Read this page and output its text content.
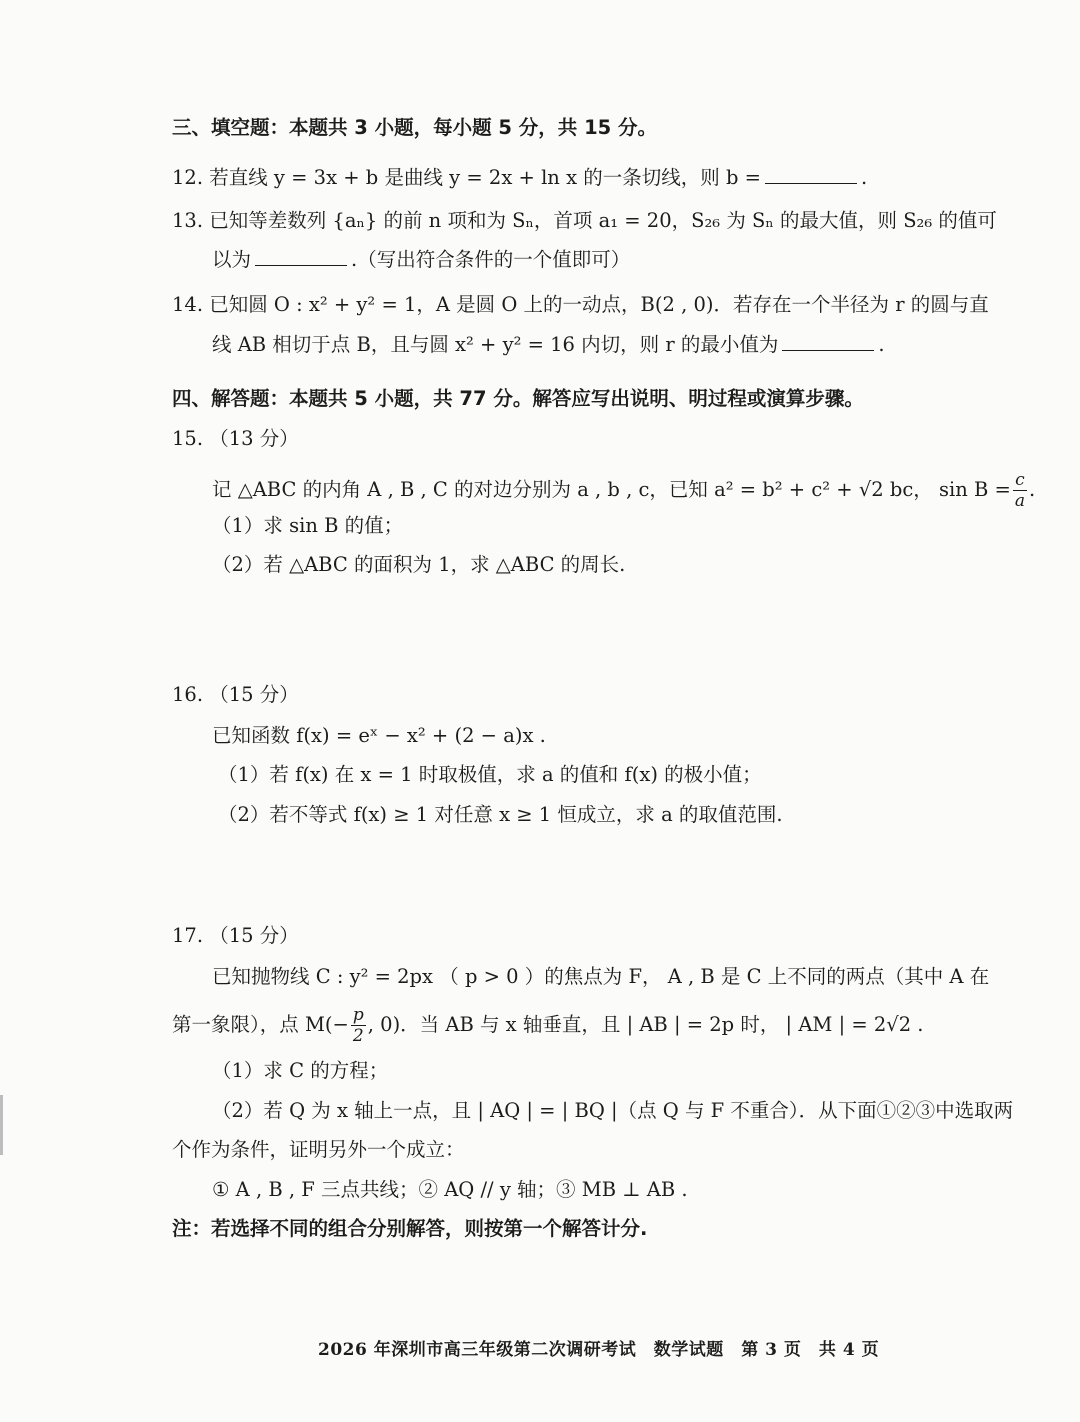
三、填空题：本题共 3 小题，每小题 5 分，共 15 分。
12. 若直线 y = 3x + b 是曲线 y = 2x + ln x 的一条切线，则 b =	.
13. 已知等差数列 {aₙ} 的前 n 项和为 Sₙ，首项 a₁ = 20，S₂₆ 为 Sₙ 的最大值，则 S₂₆ 的值可
以为	.（写出符合条件的一个值即可）
14. 已知圆 O : x² + y² = 1，A 是圆 O 上的一动点，B(2 , 0)．若存在一个半径为 r 的圆与直
线 AB 相切于点 B，且与圆 x² + y² = 16 内切，则 r 的最小值为	.
四、解答题：本题共 5 小题，共 77 分。解答应写出说明、明过程或演算步骤。
15. （13 分）
记 △ABC 的内角 A , B , C 的对边分别为 a , b , c，已知 a² = b² + c² + √2 bc， $\sin B = \frac{c}{a}$ .
（1）求 sin B 的值；
（2）若 △ABC 的面积为 1，求 △ABC 的周长.
16. （15 分）
已知函数 f(x) = eˣ − x² + (2 − a)x .
（1）若 f(x) 在 x = 1 时取极值，求 a 的值和 f(x) 的极小值；
（2）若不等式 f(x) ≥ 1 对任意 x ≥ 1 恒成立，求 a 的取值范围.
17. （15 分）
已知抛物线 C : y² = 2px （ p > 0 ）的焦点为 F， A , B 是 C 上不同的两点（其中 A 在
第一象限），点 $M(- \frac{p}{2}$ , 0)．当 AB 与 x 轴垂直，且 | AB | = 2p 时， | AM | = 2√2 .
（1）求 C 的方程；
（2）若 Q 为 x 轴上一点，且 | AQ | = | BQ |（点 Q 与 F 不重合）．从下面①②③中选取两
个作为条件，证明另外一个成立：
① A , B , F 三点共线；② AQ // y 轴；③ MB ⊥ AB .
注：若选择不同的组合分别解答，则按第一个解答计分.
2026 年深圳市高三年级第二次调研考试　数学试题　第 3 页　共 4 页
